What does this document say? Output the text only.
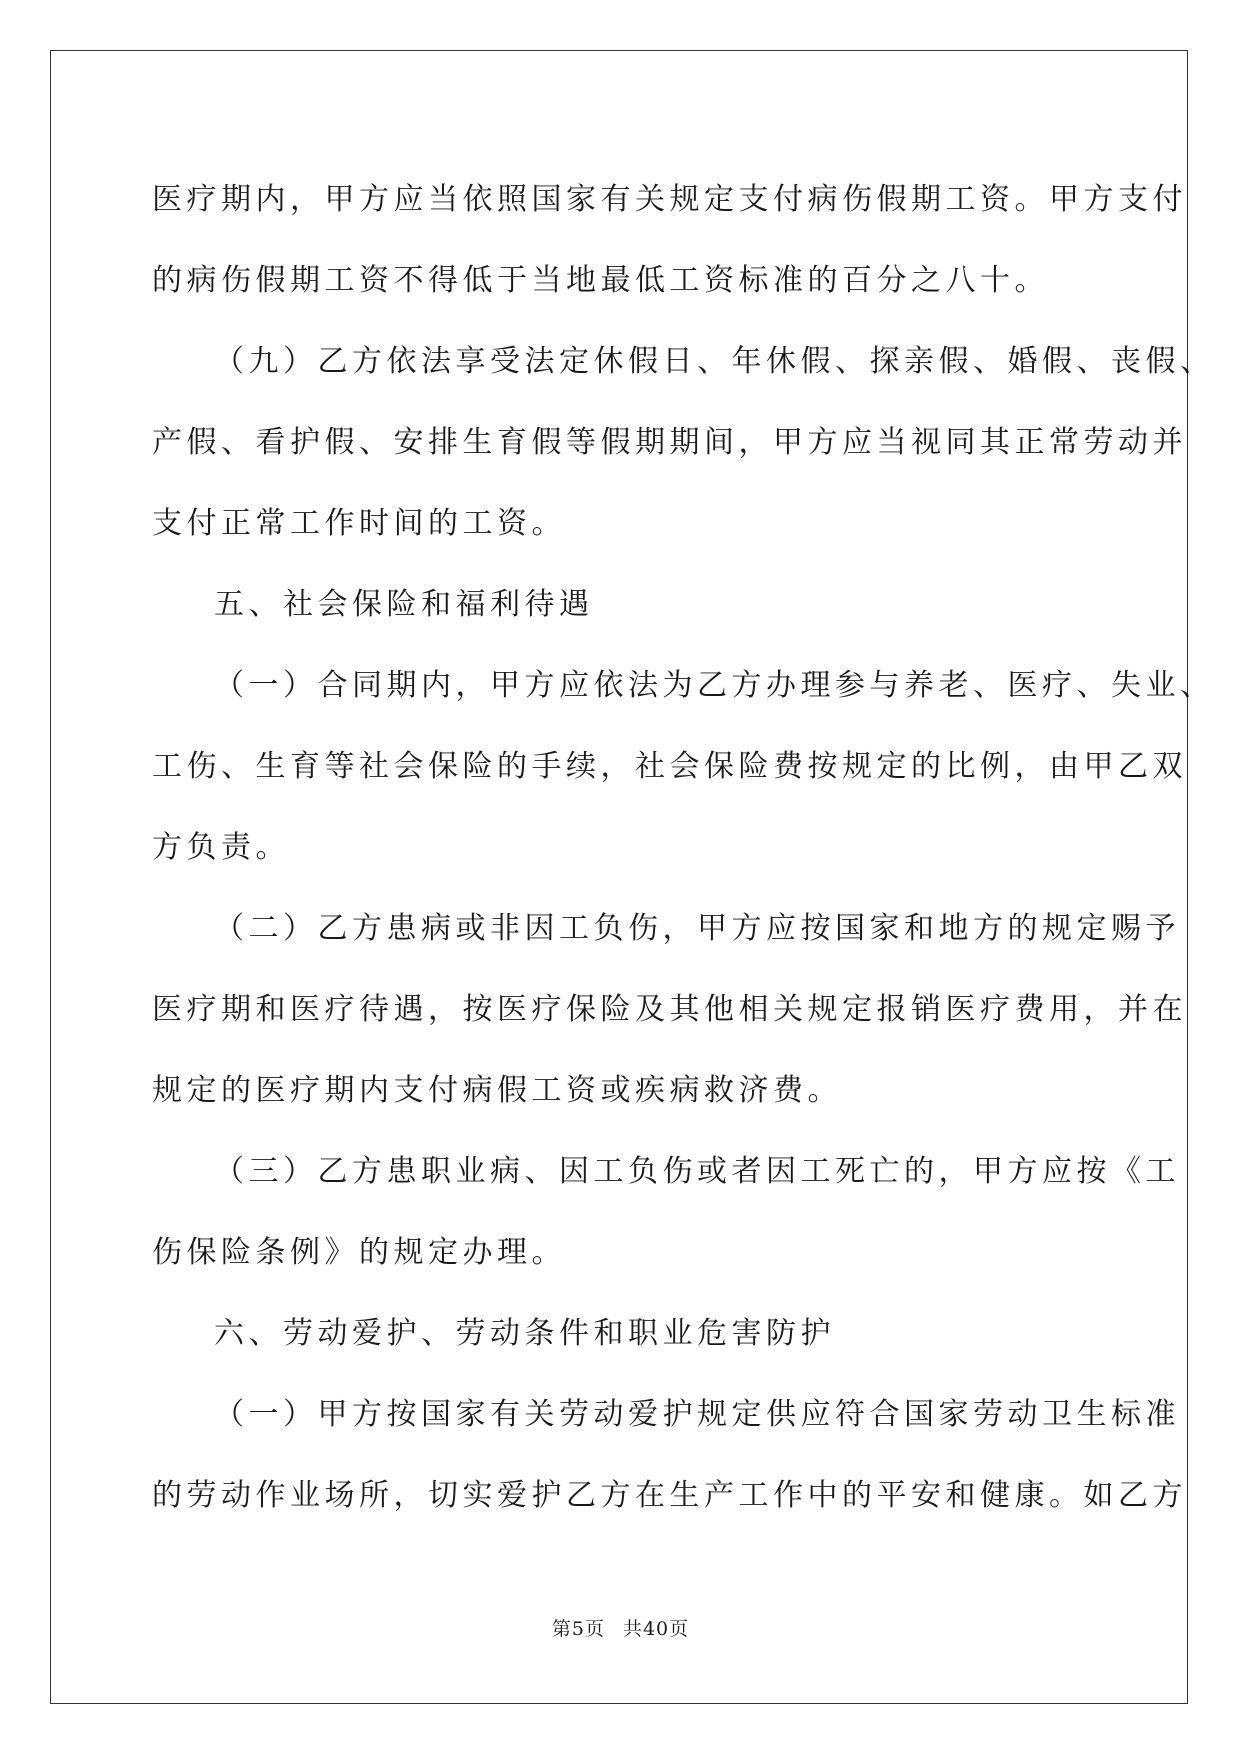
医疗期内，甲方应当依照国家有关规定支付病伤假期工资。甲方支付
的病伤假期工资不得低于当地最低工资标准的百分之八十。
（九）乙方依法享受法定休假日、年休假、探亲假、婚假、丧假、
产假、看护假、安排生育假等假期期间，甲方应当视同其正常劳动并
支付正常工作时间的工资。
五、社会保险和福利待遇
（一）合同期内，甲方应依法为乙方办理参与养老、医疗、失业、
工伤、生育等社会保险的手续，社会保险费按规定的比例，由甲乙双
方负责。
（二）乙方患病或非因工负伤，甲方应按国家和地方的规定赐予
医疗期和医疗待遇，按医疗保险及其他相关规定报销医疗费用，并在
规定的医疗期内支付病假工资或疾病救济费。
（三）乙方患职业病、因工负伤或者因工死亡的，甲方应按《工
伤保险条例》的规定办理。
六、劳动爱护、劳动条件和职业危害防护
（一）甲方按国家有关劳动爱护规定供应符合国家劳动卫生标准
的劳动作业场所，切实爱护乙方在生产工作中的平安和健康。如乙方

第5页 共40页
